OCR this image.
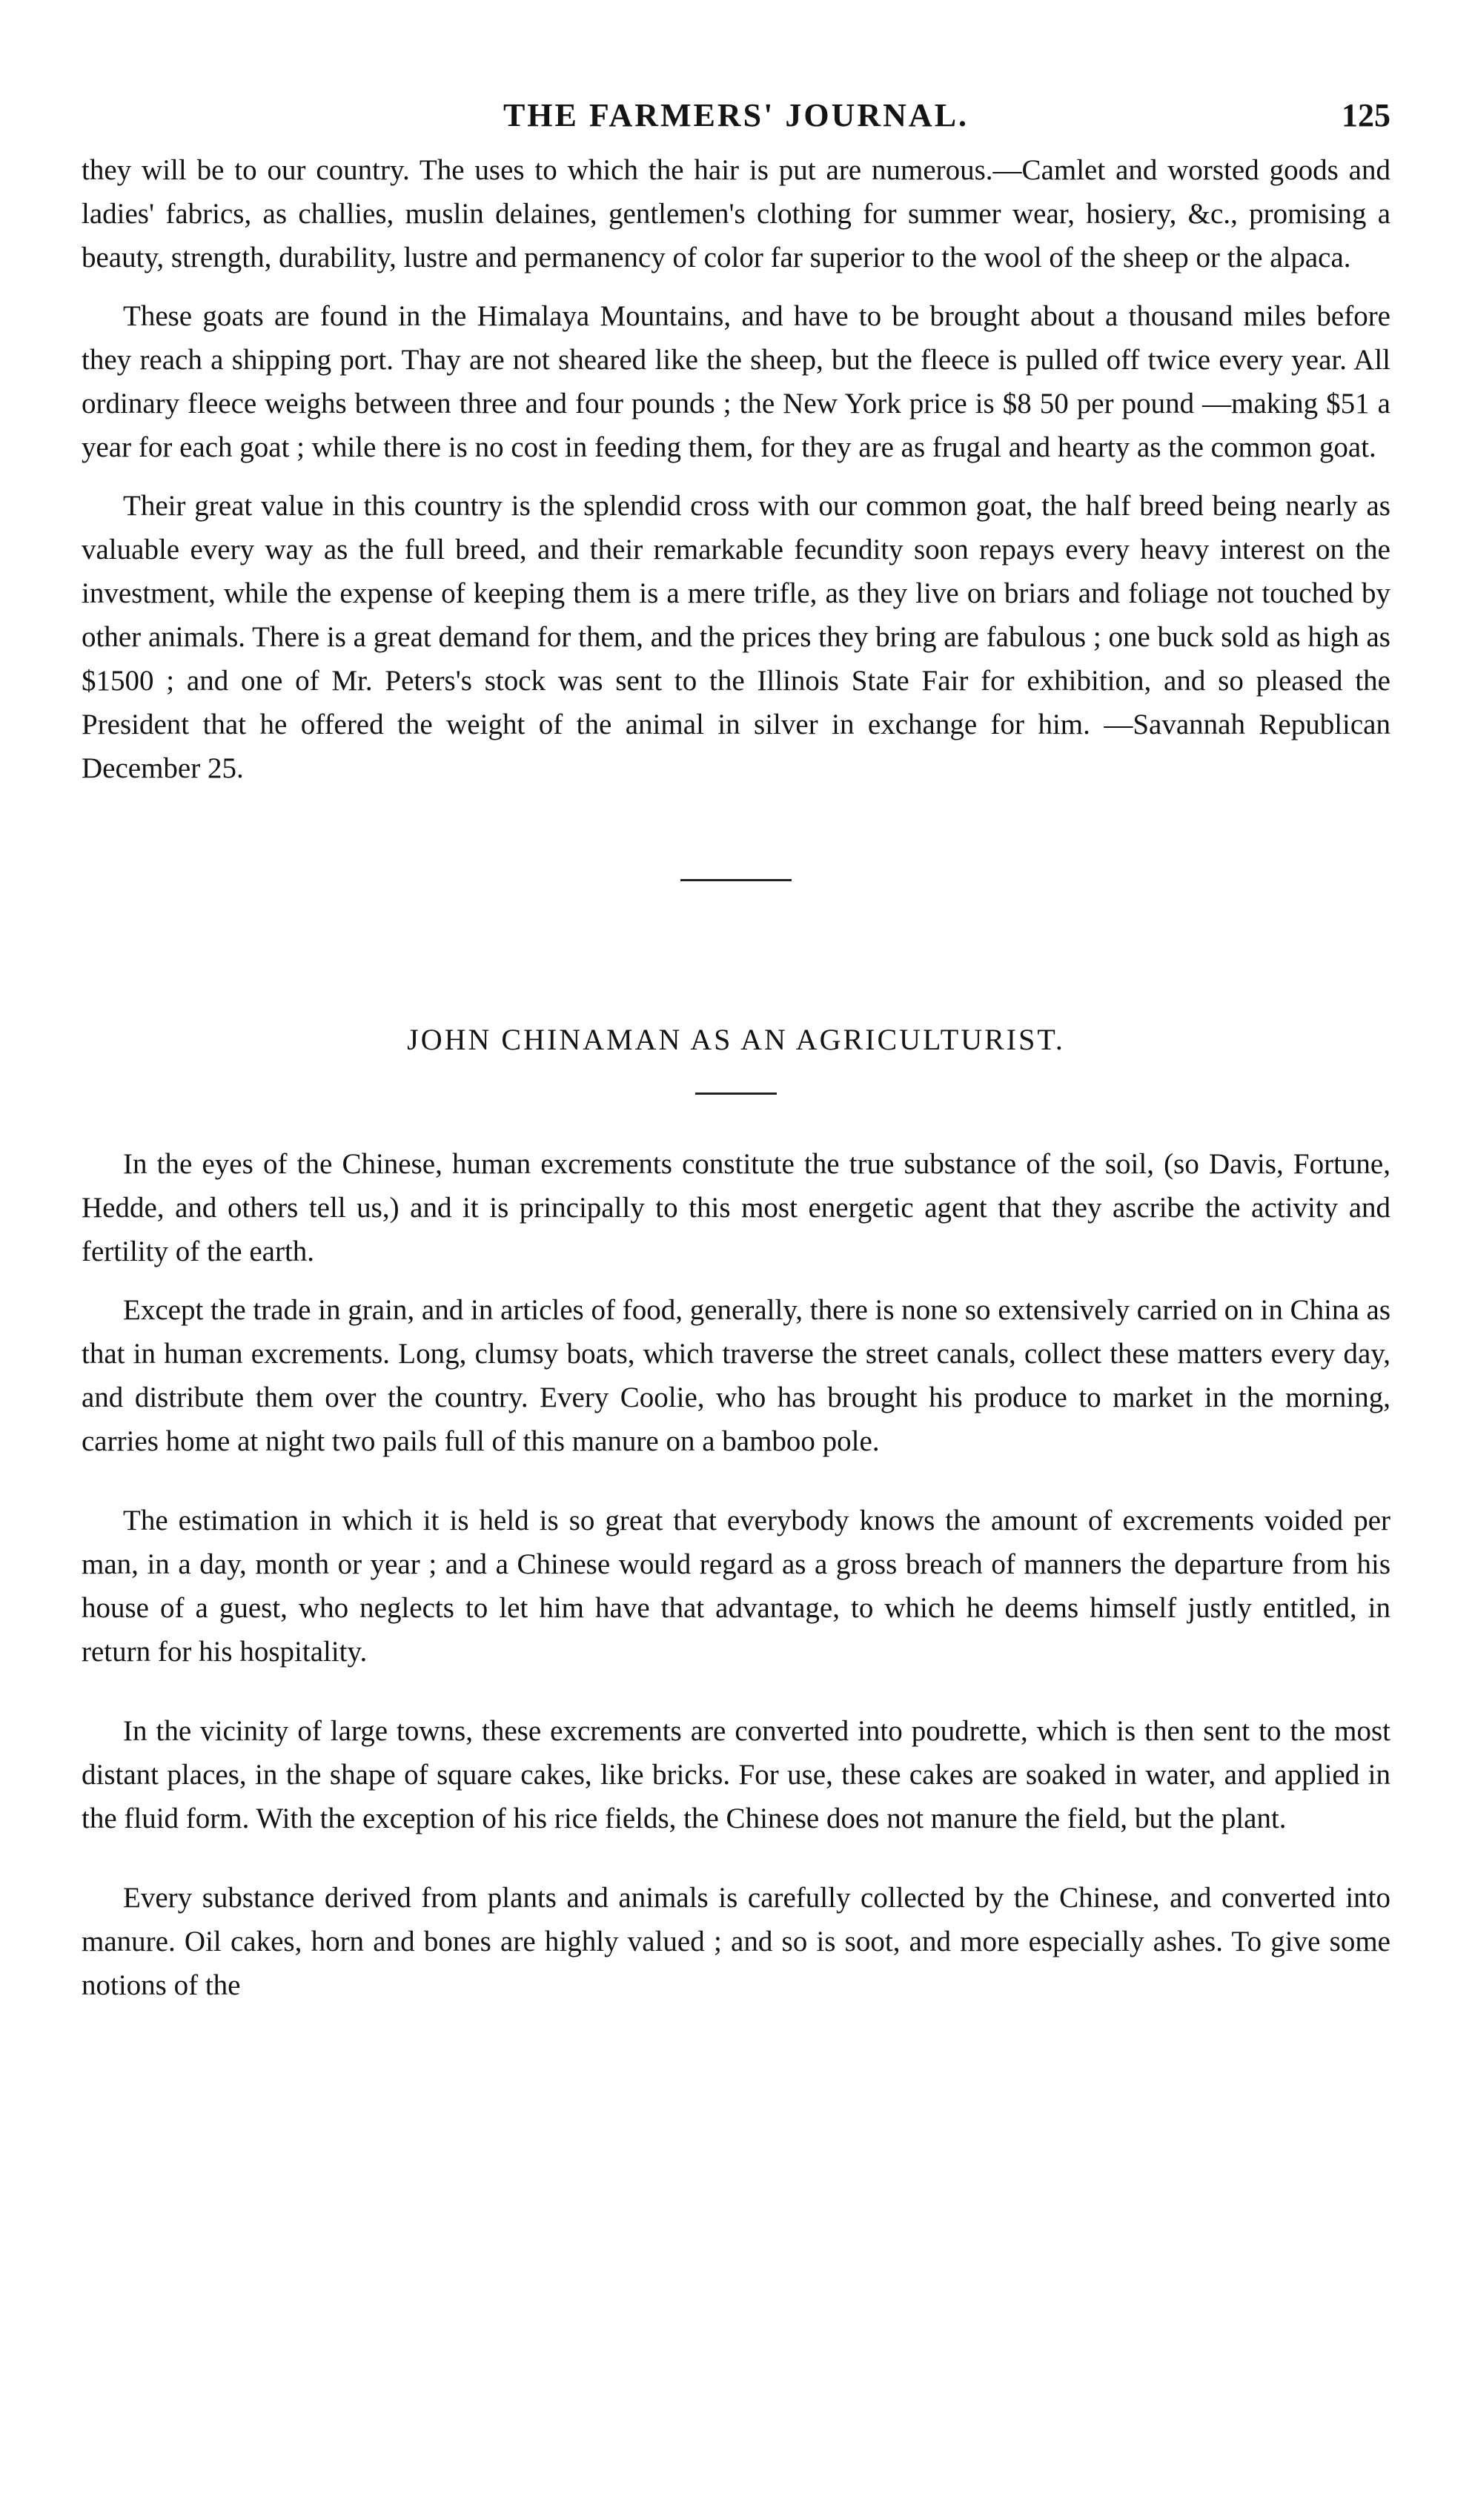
THE FARMERS' JOURNAL.	125

they will be to our country. The uses to which the hair is put are numerous.—Camlet and worsted goods and ladies' fabrics, as challies, muslin delaines, gentlemen's clothing for summer wear, hosiery, &c., promising a beauty, strength, durability, lustre and permanency of color far superior to the wool of the sheep or the alpaca.

These goats are found in the Himalaya Mountains, and have to be brought about a thousand miles before they reach a shipping port. Thay are not sheared like the sheep, but the fleece is pulled off twice every year. All ordinary fleece weighs between three and four pounds ; the New York price is $8 50 per pound —making $51 a year for each goat ; while there is no cost in feeding them, for they are as frugal and hearty as the common goat.

Their great value in this country is the splendid cross with our common goat, the half breed being nearly as valuable every way as the full breed, and their remarkable fecundity soon repays every heavy interest on the investment, while the expense of keeping them is a mere trifle, as they live on briars and foliage not touched by other animals. There is a great demand for them, and the prices they bring are fabulous ; one buck sold as high as $1500 ; and one of Mr. Peters's stock was sent to the Illinois State Fair for exhibition, and so pleased the President that he offered the weight of the animal in silver in exchange for him. —Savannah Republican December 25.

JOHN CHINAMAN AS AN AGRICULTURIST.

In the eyes of the Chinese, human excrements constitute the true substance of the soil, (so Davis, Fortune, Hedde, and others tell us,) and it is principally to this most energetic agent that they ascribe the activity and fertility of the earth.

Except the trade in grain, and in articles of food, generally, there is none so extensively carried on in China as that in human excrements. Long, clumsy boats, which traverse the street canals, collect these matters every day, and distribute them over the country. Every Coolie, who has brought his produce to market in the morning, carries home at night two pails full of this manure on a bamboo pole.

The estimation in which it is held is so great that everybody knows the amount of excrements voided per man, in a day, month or year ; and a Chinese would regard as a gross breach of manners the departure from his house of a guest, who neglects to let him have that advantage, to which he deems himself justly entitled, in return for his hospitality.

In the vicinity of large towns, these excrements are converted into poudrette, which is then sent to the most distant places, in the shape of square cakes, like bricks. For use, these cakes are soaked in water, and applied in the fluid form. With the exception of his rice fields, the Chinese does not manure the field, but the plant.

Every substance derived from plants and animals is carefully collected by the Chinese, and converted into manure. Oil cakes, horn and bones are highly valued ; and so is soot, and more especially ashes. To give some notions of the
